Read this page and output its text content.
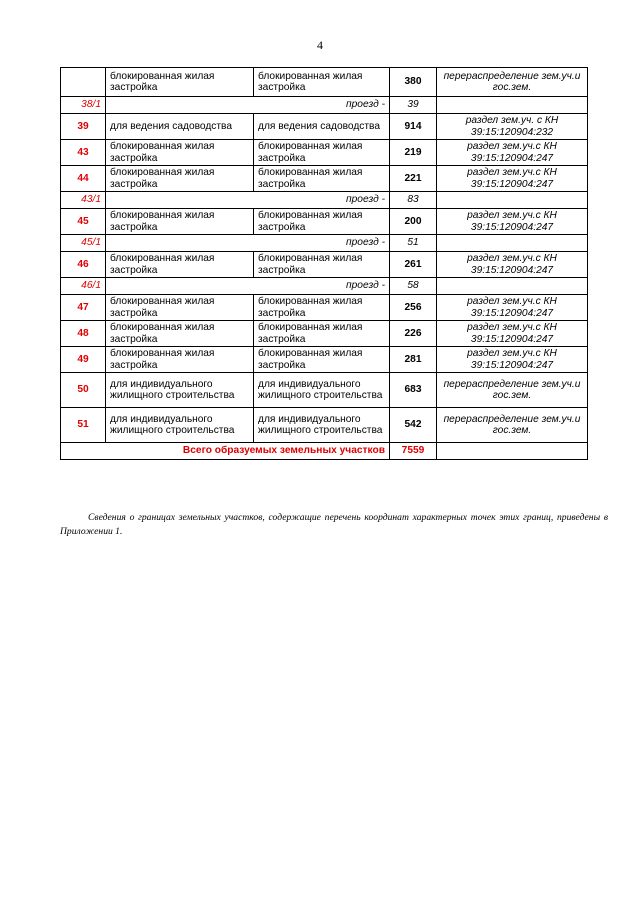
4
	блокированная жилая застройка	блокированная жилая застройка	380	перераспределение зем.уч.и гос.зем.
38/1	проезд -		39	
39	для ведения садоводства	для ведения садоводства	914	раздел зем.уч. с КН 39:15:120904:232
43	блокированная жилая застройка	блокированная жилая застройка	219	раздел зем.уч.с КН 39:15:120904:247
44	блокированная жилая застройка	блокированная жилая застройка	221	раздел зем.уч.с КН 39:15:120904:247
43/1	проезд -		83	
45	блокированная жилая застройка	блокированная жилая застройка	200	раздел зем.уч.с КН 39:15:120904:247
45/1	проезд -		51	
46	блокированная жилая застройка	блокированная жилая застройка	261	раздел зем.уч.с КН 39:15:120904:247
46/1	проезд -		58	
47	блокированная жилая застройка	блокированная жилая застройка	256	раздел зем.уч.с КН 39:15:120904:247
48	блокированная жилая застройка	блокированная жилая застройка	226	раздел зем.уч.с КН 39:15:120904:247
49	блокированная жилая застройка	блокированная жилая застройка	281	раздел зем.уч.с КН 39:15:120904:247
50	для индивидуального жилищного строительства	для индивидуального жилищного строительства	683	перераспределение зем.уч.и гос.зем.
51	для индивидуального жилищного строительства	для индивидуального жилищного строительства	542	перераспределение зем.уч.и гос.зем.
Всего образуемых земельных участков			7559	

Сведения о границах земельных участков, содержащие перечень координат характерных точек этих границ, приведены в Приложении 1.
